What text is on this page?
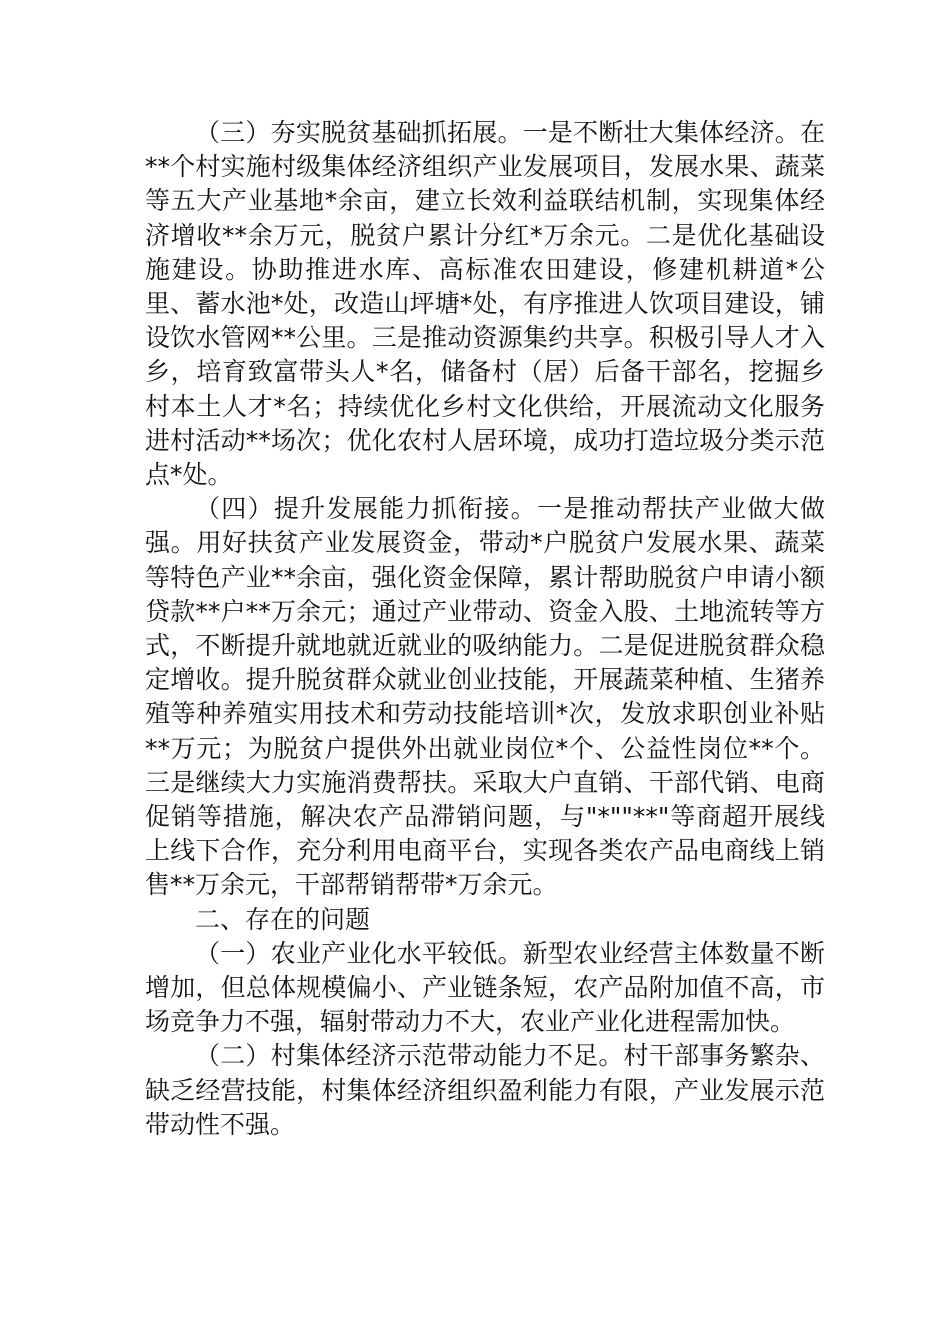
（三）夯实脱贫基础抓拓展。一是不断壮大集体经济。在**个村实施村级集体经济组织产业发展项目，发展水果、蔬菜等五大产业基地*余亩，建立长效利益联结机制，实现集体经济增收**余万元，脱贫户累计分红*万余元。二是优化基础设施建设。协助推进水库、高标准农田建设，修建机耕道*公里、蓄水池*处，改造山坪塘*处，有序推进人饮项目建设，铺设饮水管网**公里。三是推动资源集约共享。积极引导人才入乡，培育致富带头人*名，储备村（居）后备干部名，挖掘乡村本土人才*名；持续优化乡村文化供给，开展流动文化服务进村活动**场次；优化农村人居环境，成功打造垃圾分类示范点*处。

（四）提升发展能力抓衔接。一是推动帮扶产业做大做强。用好扶贫产业发展资金，带动*户脱贫户发展水果、蔬菜等特色产业**余亩，强化资金保障，累计帮助脱贫户申请小额贷款**户**万余元；通过产业带动、资金入股、土地流转等方式，不断提升就地就近就业的吸纳能力。二是促进脱贫群众稳定增收。提升脱贫群众就业创业技能，开展蔬菜种植、生猪养殖等种养殖实用技术和劳动技能培训*次，发放求职创业补贴**万元；为脱贫户提供外出就业岗位*个、公益性岗位**个。三是继续大力实施消费帮扶。采取大户直销、干部代销、电商促销等措施，解决农产品滞销问题，与"*""**"等商超开展线上线下合作，充分利用电商平台，实现各类农产品电商线上销售**万余元，干部帮销帮带*万余元。

二、存在的问题

（一）农业产业化水平较低。新型农业经营主体数量不断增加，但总体规模偏小、产业链条短，农产品附加值不高，市场竞争力不强，辐射带动力不大，农业产业化进程需加快。

（二）村集体经济示范带动能力不足。村干部事务繁杂、缺乏经营技能，村集体经济组织盈利能力有限，产业发展示范带动性不强。
